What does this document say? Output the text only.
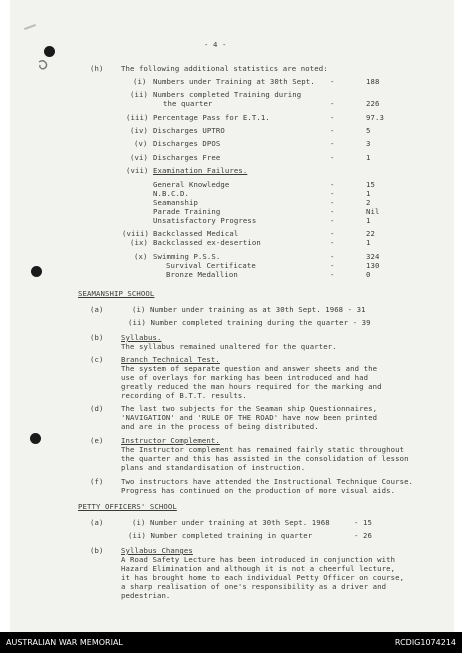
- 4 -
(h) The following additional statistics are noted:
(i) Numbers under Training at 30th Sept. -	188
(ii) Numbers completed Training during
the quarter	-	226
(iii) Percentage Pass for E.T.1.	-	97.3
(iv) Discharges UPTRO	-	5
(v) Discharges DPOS	-	3
(vi) Discharges Free	-	1
(vii) Examination Failures.
General Knowledge	-	15
N.B.C.D.	-	1
Seamanship	-	2
Parade Training	-	Nil
Unsatisfactory Progress	-	1
(viii) Backclassed Medical	-	22
(ix) Backclassed ex-desertion	-	1
(x) Swimming P.S.S.	-	324
Survival Certificate	-	130
Bronze Medallion	-	0
SEAMANSHIP SCHOOL
(a)	(i) Number under training as at 30th Sept. 1968 - 31
(ii) Number completed training during the quarter - 39
(b) Syllabus.
The syllabus remained unaltered for the quarter.
(c) Branch Technical Test.
The system of separate question and answer sheets and the
use of overlays for marking has been introduced and had
greatly reduced the man hours required for the marking and
recording of B.T.T. results.
(d) The last two subjects for the Seaman ship Questionnaires,
'NAVIGATION' and 'RULE OF THE ROAD' have now been printed
and are in the process of being distributed.
(e) Instructor Complement.
The Instructor complement has remained fairly static throughout
the quarter and this has assisted in the consolidation of lesson
plans and standardisation of instruction.
(f) Two instructors have attended the Instructional Technique Course.
Progress has continued on the production of more visual aids.
PETTY OFFICERS' SCHOOL
(a)	(i) Number under training at 30th Sept. 1968	- 15
(ii) Number completed training in quarter	- 26
(b) Syllabus Changes
A Road Safety Lecture has been introduced in conjunction with
Hazard Elimination and although it is not a cheerful lecture,
it has brought home to each individual Petty Officer on course,
a sharp realisation of one's responsibility as a driver and
pedestrian.
AUSTRALIAN WAR MEMORIAL	RCDIG1074214
